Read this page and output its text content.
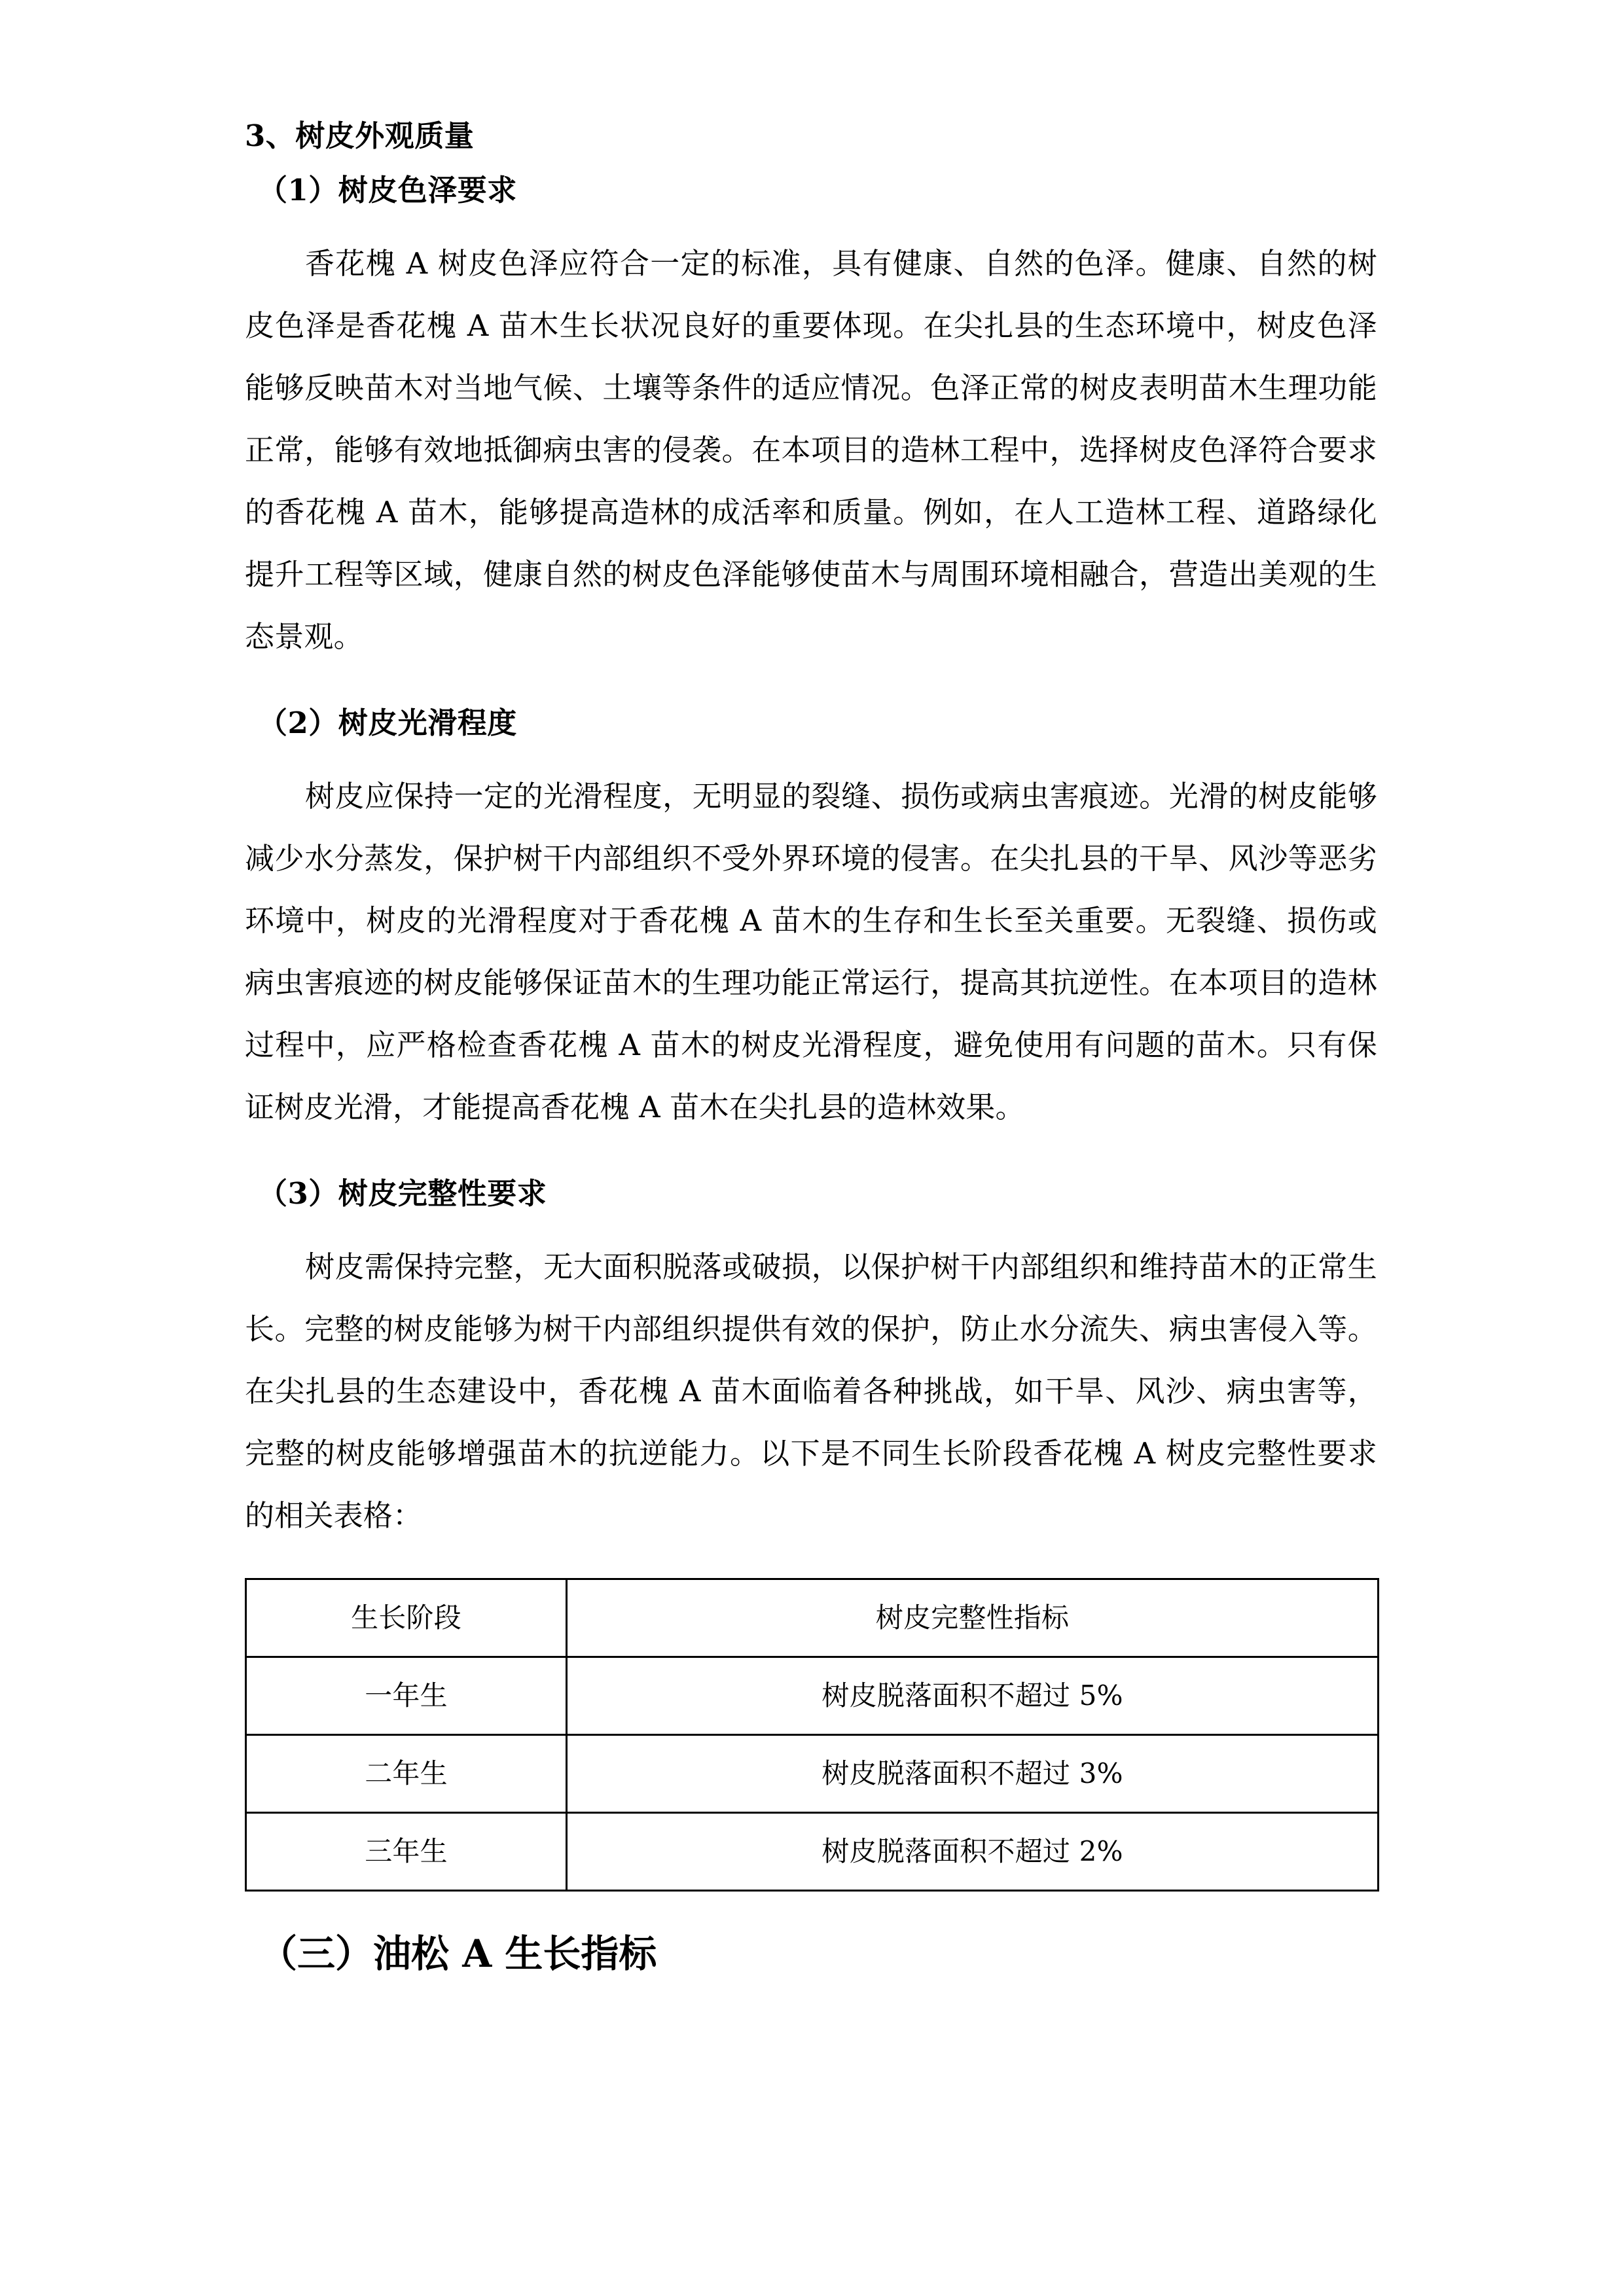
3、树皮外观质量
（1）树皮色泽要求

香花槐 A 树皮色泽应符合一定的标准，具有健康、自然的色泽。健康、自然的树皮色泽是香花槐 A 苗木生长状况良好的重要体现。在尖扎县的生态环境中，树皮色泽能够反映苗木对当地气候、土壤等条件的适应情况。色泽正常的树皮表明苗木生理功能正常，能够有效地抵御病虫害的侵袭。在本项目的造林工程中，选择树皮色泽符合要求的香花槐 A 苗木，能够提高造林的成活率和质量。例如，在人工造林工程、道路绿化提升工程等区域，健康自然的树皮色泽能够使苗木与周围环境相融合，营造出美观的生态景观。

（2）树皮光滑程度

树皮应保持一定的光滑程度，无明显的裂缝、损伤或病虫害痕迹。光滑的树皮能够减少水分蒸发，保护树干内部组织不受外界环境的侵害。在尖扎县的干旱、风沙等恶劣环境中，树皮的光滑程度对于香花槐 A 苗木的生存和生长至关重要。无裂缝、损伤或病虫害痕迹的树皮能够保证苗木的生理功能正常运行，提高其抗逆性。在本项目的造林过程中，应严格检查香花槐 A 苗木的树皮光滑程度，避免使用有问题的苗木。只有保证树皮光滑，才能提高香花槐 A 苗木在尖扎县的造林效果。

（3）树皮完整性要求

树皮需保持完整，无大面积脱落或破损，以保护树干内部组织和维持苗木的正常生长。完整的树皮能够为树干内部组织提供有效的保护，防止水分流失、病虫害侵入等。在尖扎县的生态建设中，香花槐 A 苗木面临着各种挑战，如干旱、风沙、病虫害等，完整的树皮能够增强苗木的抗逆能力。以下是不同生长阶段香花槐 A 树皮完整性要求的相关表格：

生长阶段	树皮完整性指标
一年生	树皮脱落面积不超过 5%
二年生	树皮脱落面积不超过 3%
三年生	树皮脱落面积不超过 2%
（三）油松 A 生长指标
